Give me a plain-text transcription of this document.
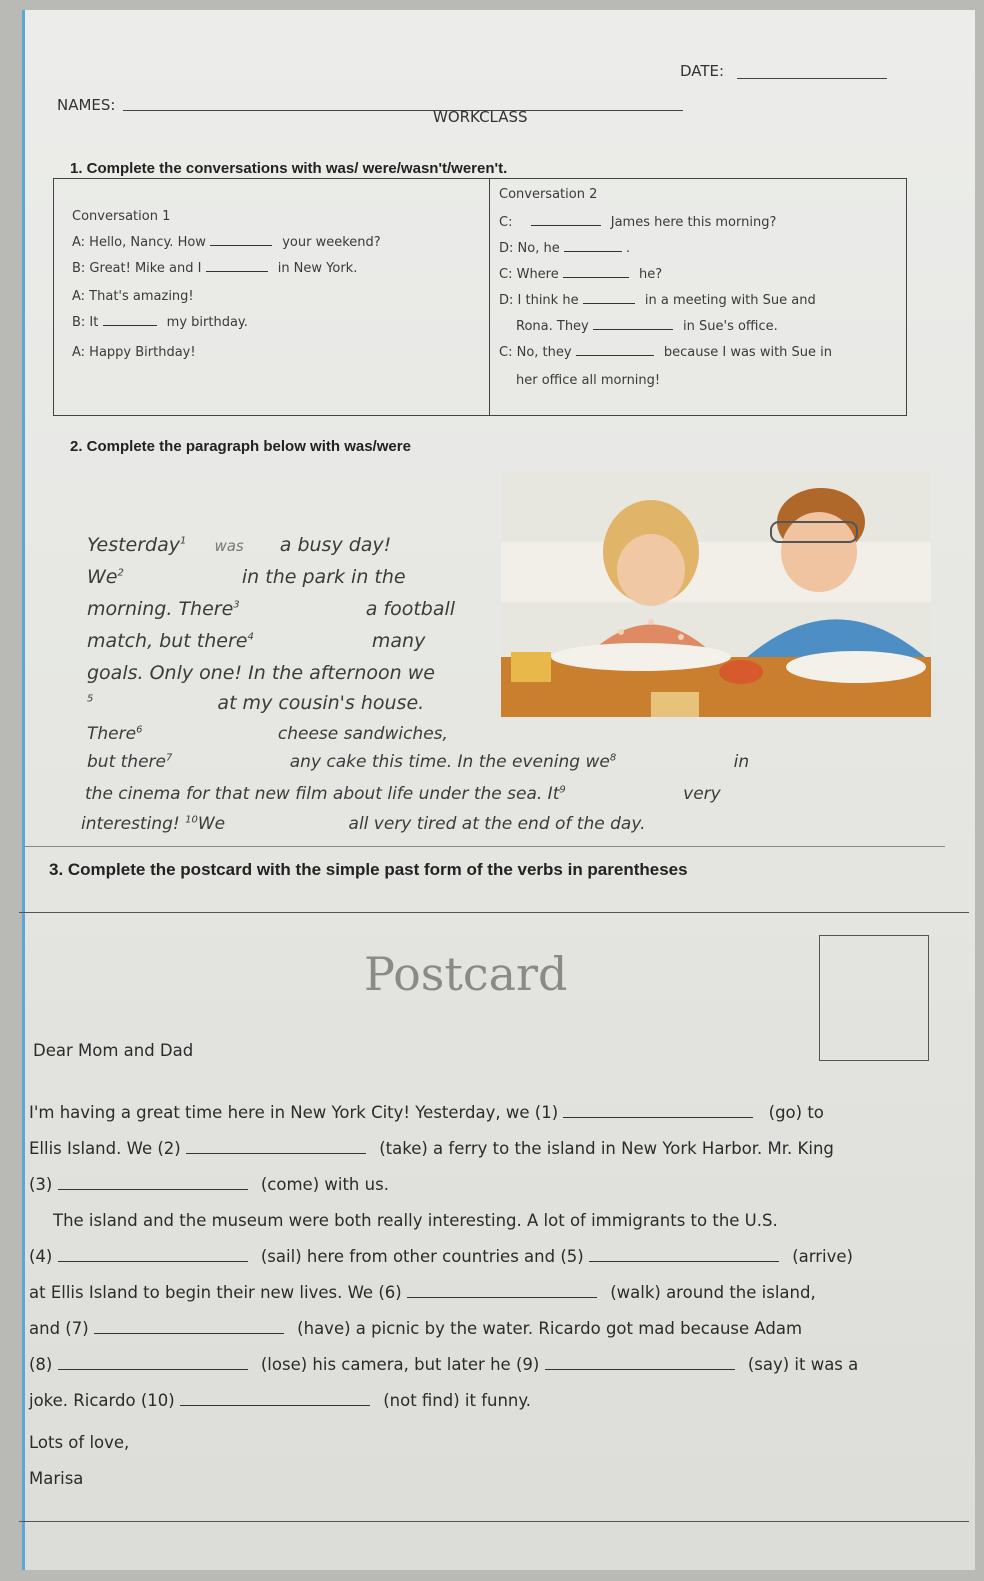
DATE:
NAMES:
WORKCLASS
1. Complete the conversations with was/ were/wasn't/weren't.
Conversation 1
A: Hello, Nancy. How	your weekend?
B: Great! Mike and I	in New York.
A: That's amazing!
B: It	my birthday.
A: Happy Birthday!
Conversation 2
C:	James here this morning?
D: No, he	.
C: Where	he?
D: I think he	in a meeting with Sue and
Rona. They	in Sue's office.
C: No, they	because I was with Sue in
her office all morning!
2. Complete the paragraph below with was/were
Yesterday$^1$ was a busy day!
We$^2$	in the park in the
morning. There$^3$	a football
match, but there$^4$	many
goals. Only one! In the afternoon we
$^5$	at my cousin's house.
There$^6$	cheese sandwiches,
but there$^7$	any cake this time. In the evening $we^8$	in
the cinema for that new film about life under the sea. It$^9$	very
interesting! $^{10}$We	all very tired at the end of the day.
3. Complete the postcard with the simple past form of the verbs in parentheses
Postcard
Dear Mom and Dad
I'm having a great time here in New York City! Yesterday, we (1)	(go) to
Ellis Island. We (2)	(take) a ferry to the island in New York Harbor. Mr. King
(3)	(come) with us.
The island and the museum were both really interesting. A lot of immigrants to the U.S.
(4)	(sail) here from other countries and (5)	(arrive)
at Ellis Island to begin their new lives. We (6)	(walk) around the island,
and (7)	(have) a picnic by the water. Ricardo got mad because Adam
(8)	(lose) his camera, but later he (9)	(say) it was a
joke. Ricardo (10)	(not find) it funny.
Lots of love,
Marisa
